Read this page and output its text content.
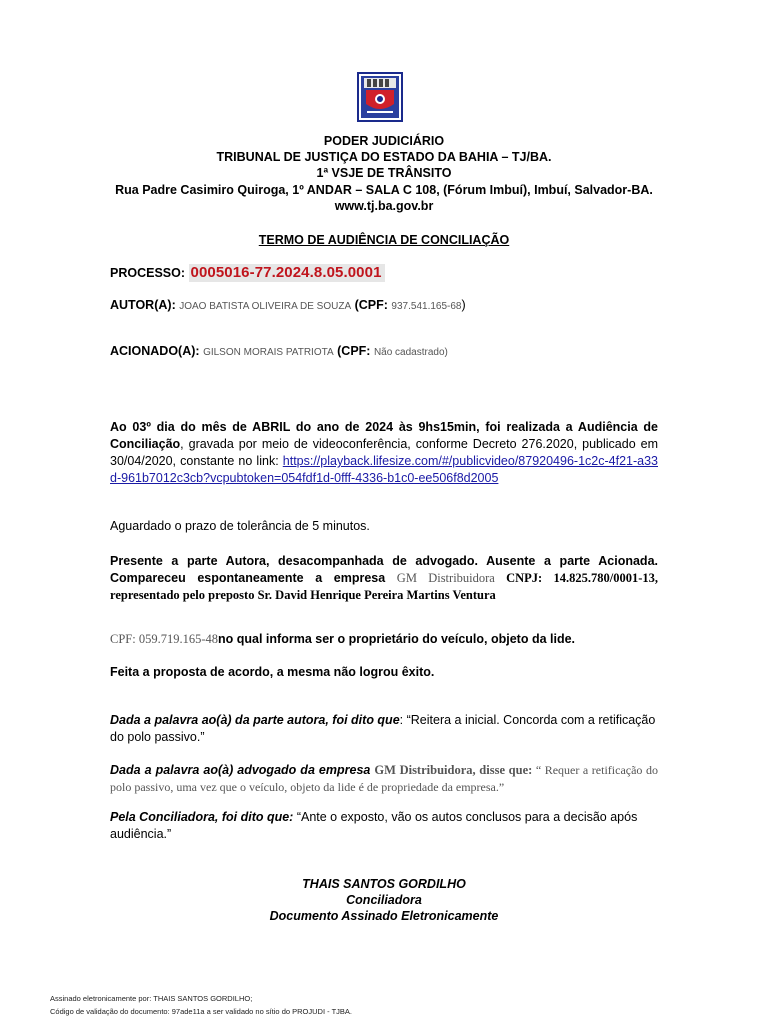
PODER JUDICIÁRIO
TRIBUNAL DE JUSTIÇA DO ESTADO DA BAHIA – TJ/BA.
1ª VSJE DE TRÂNSITO
Rua Padre Casimiro Quiroga, 1º ANDAR – SALA C 108, (Fórum Imbuí), Imbuí, Salvador-BA.
www.tj.ba.gov.br
TERMO DE AUDIÊNCIA DE CONCILIAÇÃO
PROCESSO: 0005016-77.2024.8.05.0001
AUTOR(A): JOAO BATISTA OLIVEIRA DE SOUZA (CPF: 937.541.165-68)
ACIONADO(A): GILSON MORAIS PATRIOTA (CPF: Não cadastrado)
Ao 03º dia do mês de ABRIL do ano de 2024 às 9hs15min, foi realizada a Audiência de Conciliação, gravada por meio de videoconferência, conforme Decreto 276.2020, publicado em 30/04/2020, constante no link: https://playback.lifesize.com/#/publicvideo/87920496-1c2c-4f21-a33d-961b7012c3cb?vcpubtoken=054fdf1d-0fff-4336-b1c0-ee506f8d2005
Aguardado o prazo de tolerância de 5 minutos.
Presente a parte Autora, desacompanhada de advogado. Ausente a parte Acionada. Compareceu espontaneamente a empresa GM Distribuidora CNPJ: 14.825.780/0001-13, representado pelo preposto Sr. David Henrique Pereira Martins Ventura
CPF: 059.719.165-48no qual informa ser o proprietário do veículo, objeto da lide.
Feita a proposta de acordo, a mesma não logrou êxito.
Dada a palavra ao(à) da parte autora, foi dito que: “Reitera a inicial. Concorda com a retificação do polo passivo.”
Dada a palavra ao(à) advogado da empresa GM Distribuidora, disse que: “ Requer a retificação do polo passivo, uma vez que o veículo, objeto da lide é de propriedade da empresa.”
Pela Conciliadora, foi dito que: “Ante o exposto, vão os autos conclusos para a decisão após audiência.”
THAIS SANTOS GORDILHO
Conciliadora
Documento Assinado Eletronicamente
Assinado eletronicamente por: THAIS SANTOS GORDILHO;
Código de validação do documento: 97ade11a a ser validado no sítio do PROJUDI - TJBA.
